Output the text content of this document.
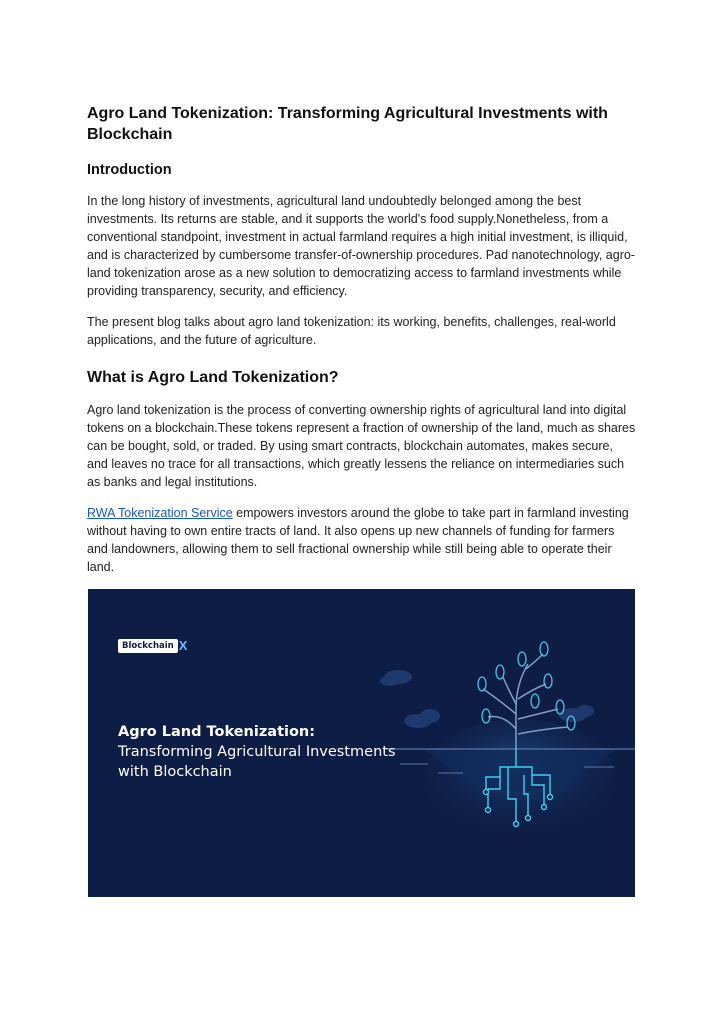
Agro Land Tokenization: Transforming Agricultural Investments with Blockchain
Introduction

In the long history of investments, agricultural land undoubtedly belonged among the best investments. Its returns are stable, and it supports the world's food supply.Nonetheless, from a conventional standpoint, investment in actual farmland requires a high initial investment, is illiquid, and is characterized by cumbersome transfer-of-ownership procedures. Pad nanotechnology, agro-land tokenization arose as a new solution to democratizing access to farmland investments while providing transparency, security, and efficiency.

The present blog talks about agro land tokenization: its working, benefits, challenges, real-world applications, and the future of agriculture.

What is Agro Land Tokenization?

Agro land tokenization is the process of converting ownership rights of agricultural land into digital tokens on a blockchain.These tokens represent a fraction of ownership of the land, much as shares can be bought, sold, or traded. By using smart contracts, blockchain automates, makes secure, and leaves no trace for all transactions, which greatly lessens the reliance on intermediaries such as banks and legal institutions.

RWA Tokenization Service empowers investors around the globe to take part in farmland investing without having to own entire tracts of land. It also opens up new channels of funding for farmers and landowners, allowing them to sell fractional ownership while still being able to operate their land.

Blockchain X
Agro Land Tokenization: Transforming Agricultural Investments with Blockchain
